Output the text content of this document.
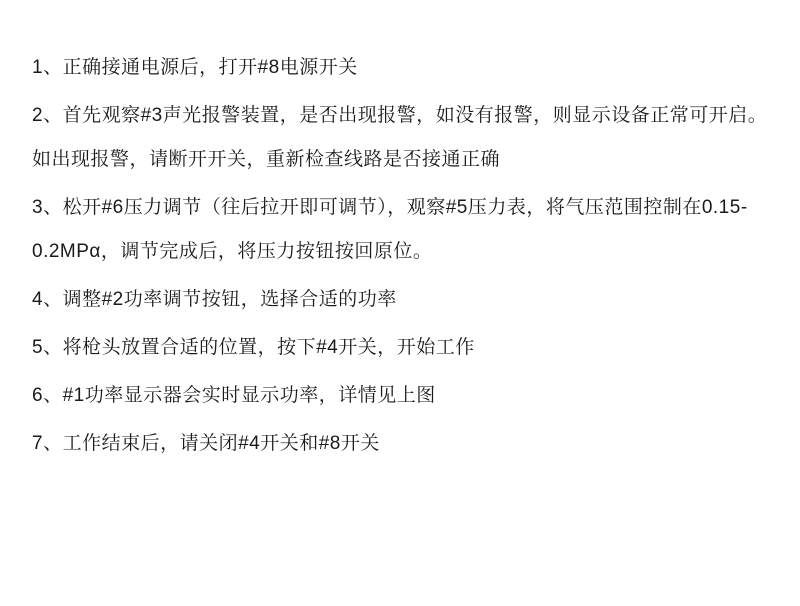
1、正确接通电源后，打开#8电源开关

2、首先观察#3声光报警装置，是否出现报警，如没有报警，则显示设备正常可开启。如出现报警，请断开开关，重新检查线路是否接通正确

3、松开#6压力调节（往后拉开即可调节），观察#5压力表，将气压范围控制在0.15-0.2MPα，调节完成后，将压力按钮按回原位。

4、调整#2功率调节按钮，选择合适的功率

5、将枪头放置合适的位置，按下#4开关，开始工作

6、#1功率显示器会实时显示功率，详情见上图

7、工作结束后，请关闭#4开关和#8开关
